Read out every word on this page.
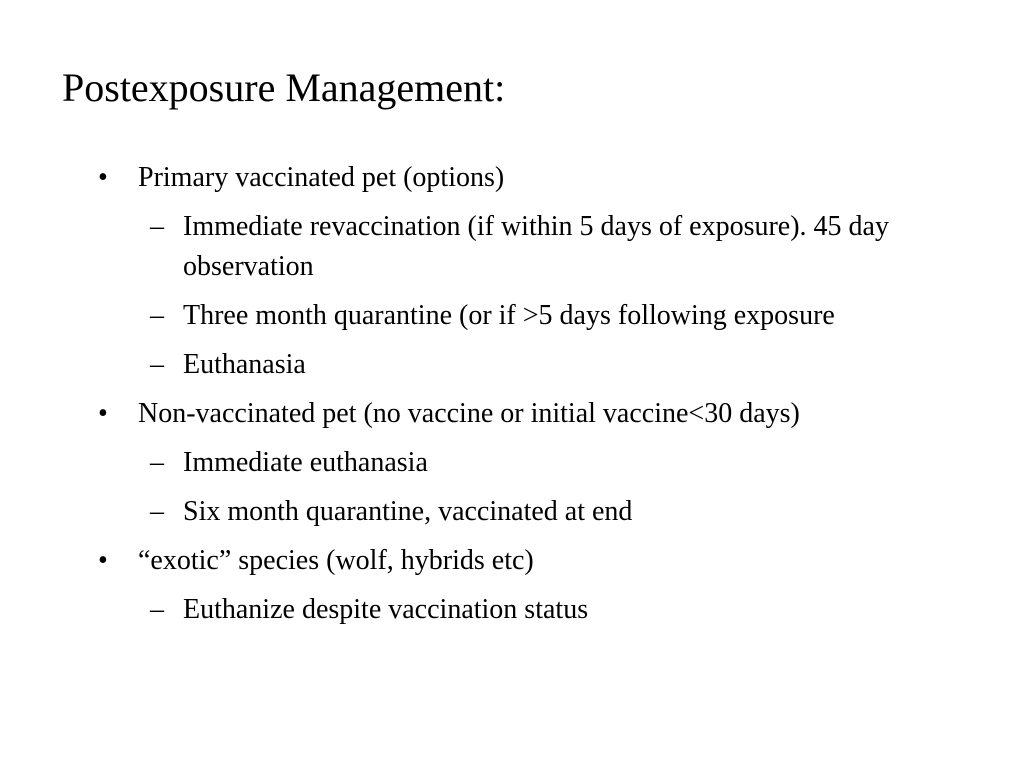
Postexposure Management:
• Primary vaccinated pet (options)
– Immediate revaccination (if within 5 days of exposure). 45 day observation
– Three month quarantine (or if >5 days following exposure
– Euthanasia
• Non-vaccinated pet (no vaccine or initial vaccine<30 days)
– Immediate euthanasia
– Six month quarantine, vaccinated at end
• “exotic” species (wolf, hybrids etc)
– Euthanize despite vaccination status
